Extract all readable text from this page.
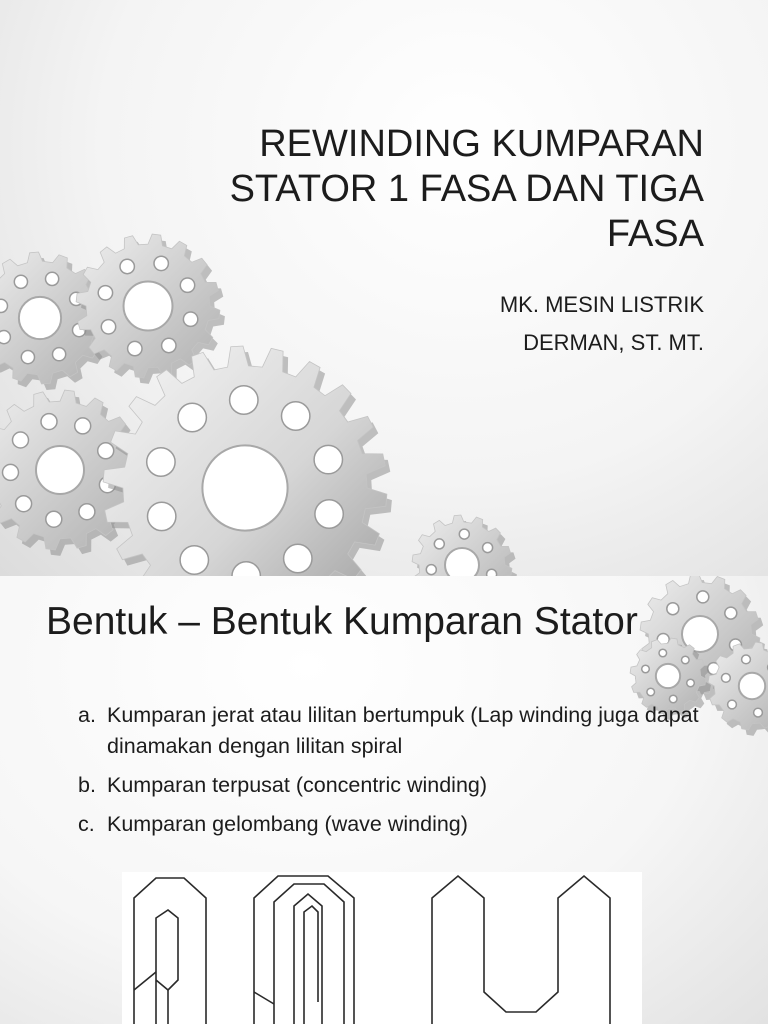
REWINDING KUMPARAN
STATOR 1 FASA DAN TIGA
FASA
MK. MESIN LISTRIK
DERMAN, ST. MT.
Bentuk – Bentuk Kumparan Stator
a. Kumparan jerat atau lilitan bertumpuk (Lap winding juga dapat dinamakan dengan lilitan spiral
b. Kumparan terpusat (concentric winding)
c. Kumparan gelombang (wave winding)
